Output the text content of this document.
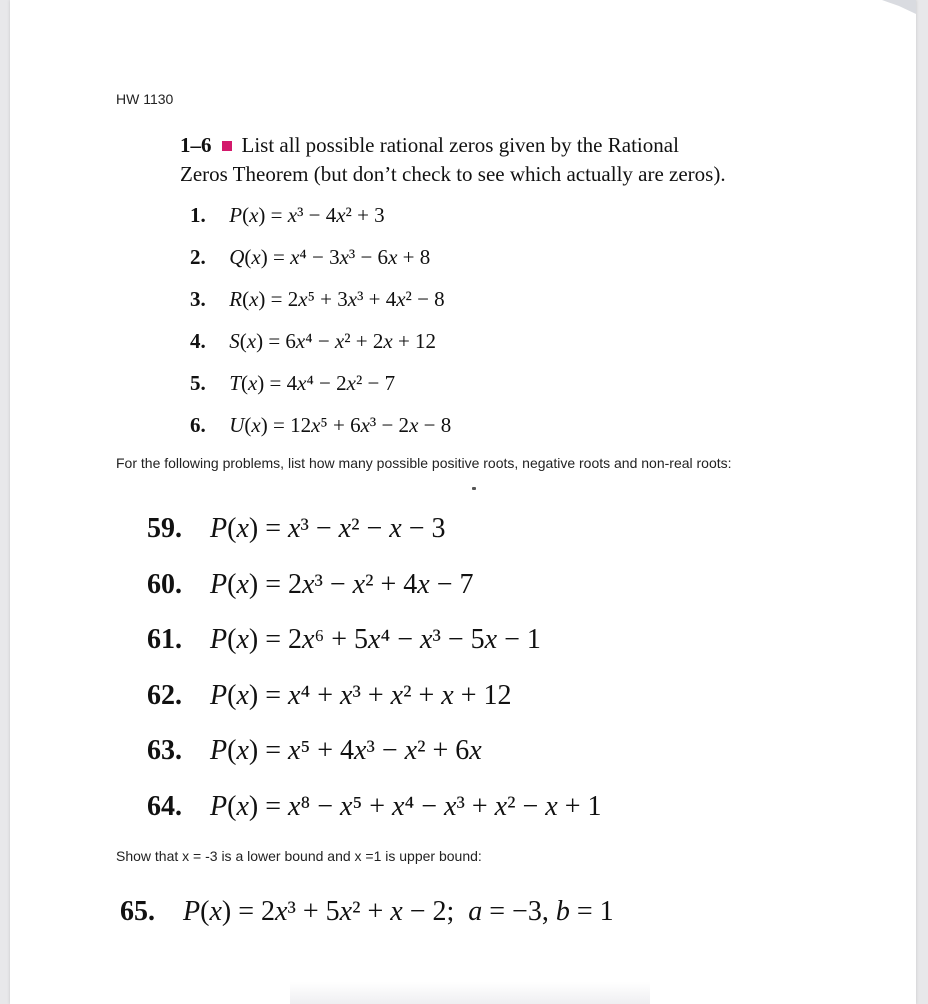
HW 1130
1–6 List all possible rational zeros given by the Rational
Zeros Theorem (but don’t check to see which actually are zeros).
1. P(x) = x³ − 4x² + 3
2. Q(x) = x⁴ − 3x³ − 6x + 8
3. R(x) = 2x⁵ + 3x³ + 4x² − 8
4. S(x) = 6x⁴ − x² + 2x + 12
5. T(x) = 4x⁴ − 2x² − 7
6. U(x) = 12x⁵ + 6x³ − 2x − 8
For the following problems, list how many possible positive roots, negative roots and non-real roots:
59. P(x) = x³ − x² − x − 3
60. P(x) = 2x³ − x² + 4x − 7
61. P(x) = 2x⁶ + 5x⁴ − x³ − 5x − 1
62. P(x) = x⁴ + x³ + x² + x + 12
63. P(x) = x⁵ + 4x³ − x² + 6x
64. P(x) = x⁸ − x⁵ + x⁴ − x³ + x² − x + 1
Show that x = -3 is a lower bound and x =1 is upper bound:
65. P(x) = 2x³ + 5x² + x − 2; a = −3, b = 1
